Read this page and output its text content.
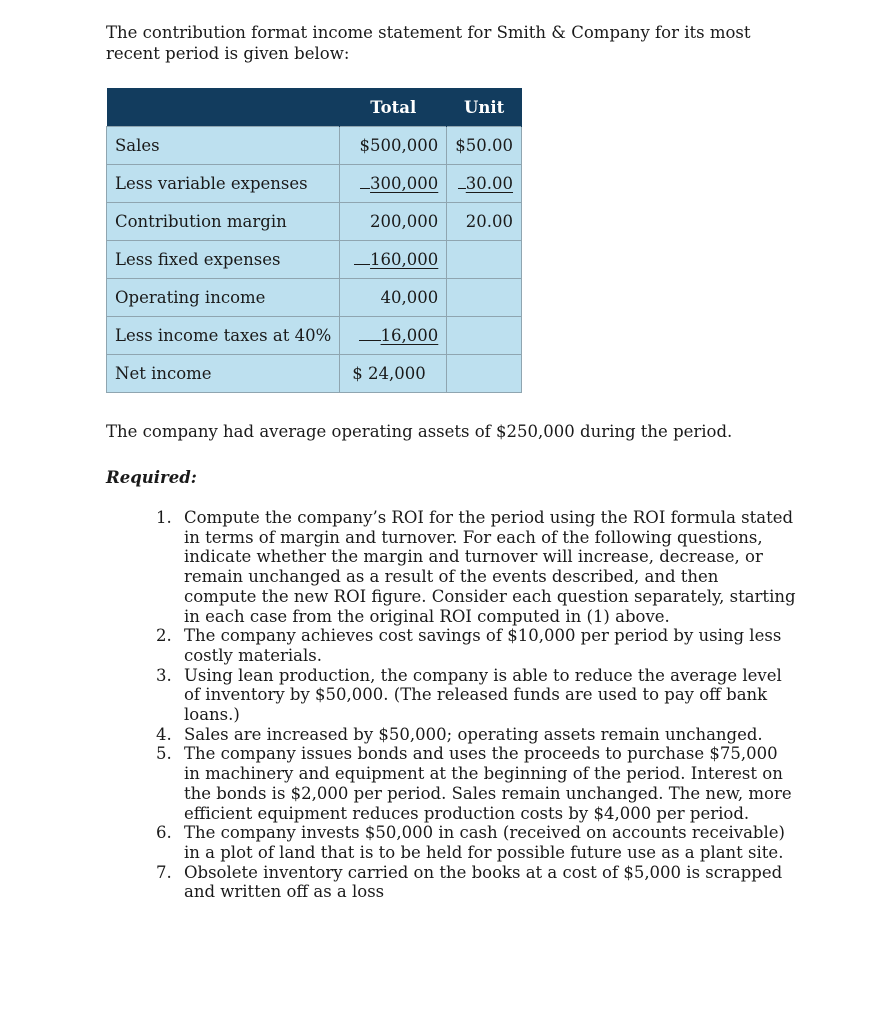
The contribution format income statement for Smith & Company for its most recent period is given below:

	Total	Unit
Sales	$500,000	$50.00
Less variable expenses	300,000	30.00
Contribution margin	200,000	20.00
Less fixed expenses	160,000	
Operating income	40,000	
Less income taxes at 40%	16,000	
Net income	$ 24,000	

The company had average operating assets of $250,000 during the period.

Required:

1. Compute the company’s ROI for the period using the ROI formula stated in terms of margin and turnover. For each of the following questions, indicate whether the margin and turnover will increase, decrease, or remain unchanged as a result of the events described, and then compute the new ROI figure. Consider each question separately, starting in each case from the original ROI computed in (1) above.
2. The company achieves cost savings of $10,000 per period by using less costly materials.
3. Using lean production, the company is able to reduce the average level of inventory by $50,000. (The released funds are used to pay off bank loans.)
4. Sales are increased by $50,000; operating assets remain unchanged.
5. The company issues bonds and uses the proceeds to purchase $75,000 in machinery and equipment at the beginning of the period. Interest on the bonds is $2,000 per period. Sales remain unchanged. The new, more efficient equipment reduces production costs by $4,000 per period.
6. The company invests $50,000 in cash (received on accounts receivable) in a plot of land that is to be held for possible future use as a plant site.
7. Obsolete inventory carried on the books at a cost of $5,000 is scrapped and written off as a loss
